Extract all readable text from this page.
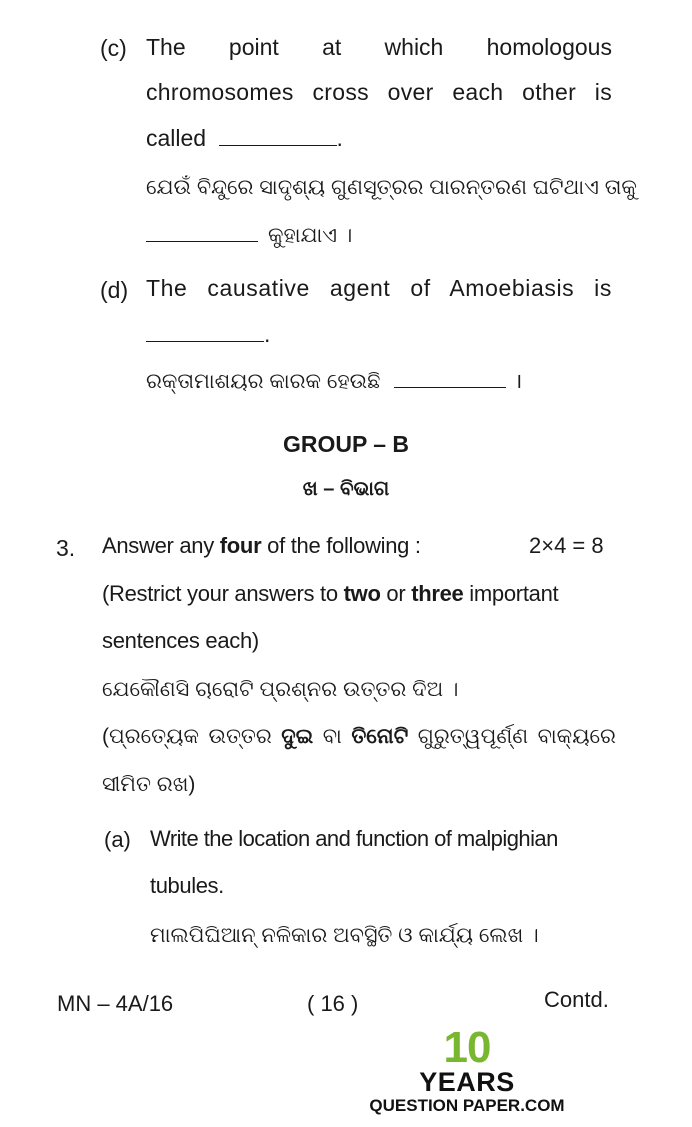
(c) The point at which homologous
chromosomes cross over each other is
called	.
ଯେଉଁ ବିନ୍ଦୁରେ ସାଦୃଶ୍ୟ ଗୁଣସୂତ୍ରର ପାରନ୍ତରଣ ଘଟିଥାଏ ତାକୁ
କୁହାଯାଏ ।
(d) The causative agent of Amoebiasis is
.
ରକ୍ତାମାଶୟର କାରକ ହେଉଛି	।
GROUP – B
ଖ – ବିଭାଗ
3. Answer any four of the following :	2×4 = 8
(Restrict your answers to two or three important
sentences each)
ଯେକୌଣସି ଚାରୋଟି ପ୍ରଶ୍ନର ଉତ୍ତର ଦିଅ ।
(ପ୍ରତ୍ୟେକ ଉତ୍ତର ଦୁଇ ବା ତିନୋଟି ଗୁରୁତ୍ୱପୂର୍ଣ୍ଣ ବାକ୍ୟରେ
ସୀମିତ ରଖ)
(a) Write the location and function of malpighian
tubules.
ମାଲପିଘିଆନ୍ ନଳିକାର ଅବସ୍ଥିତି ଓ କାର୍ଯ୍ୟ ଲେଖ ।
MN – 4A/16	( 16 )	Contd.
10
YEARS
QUESTION PAPER.COM
